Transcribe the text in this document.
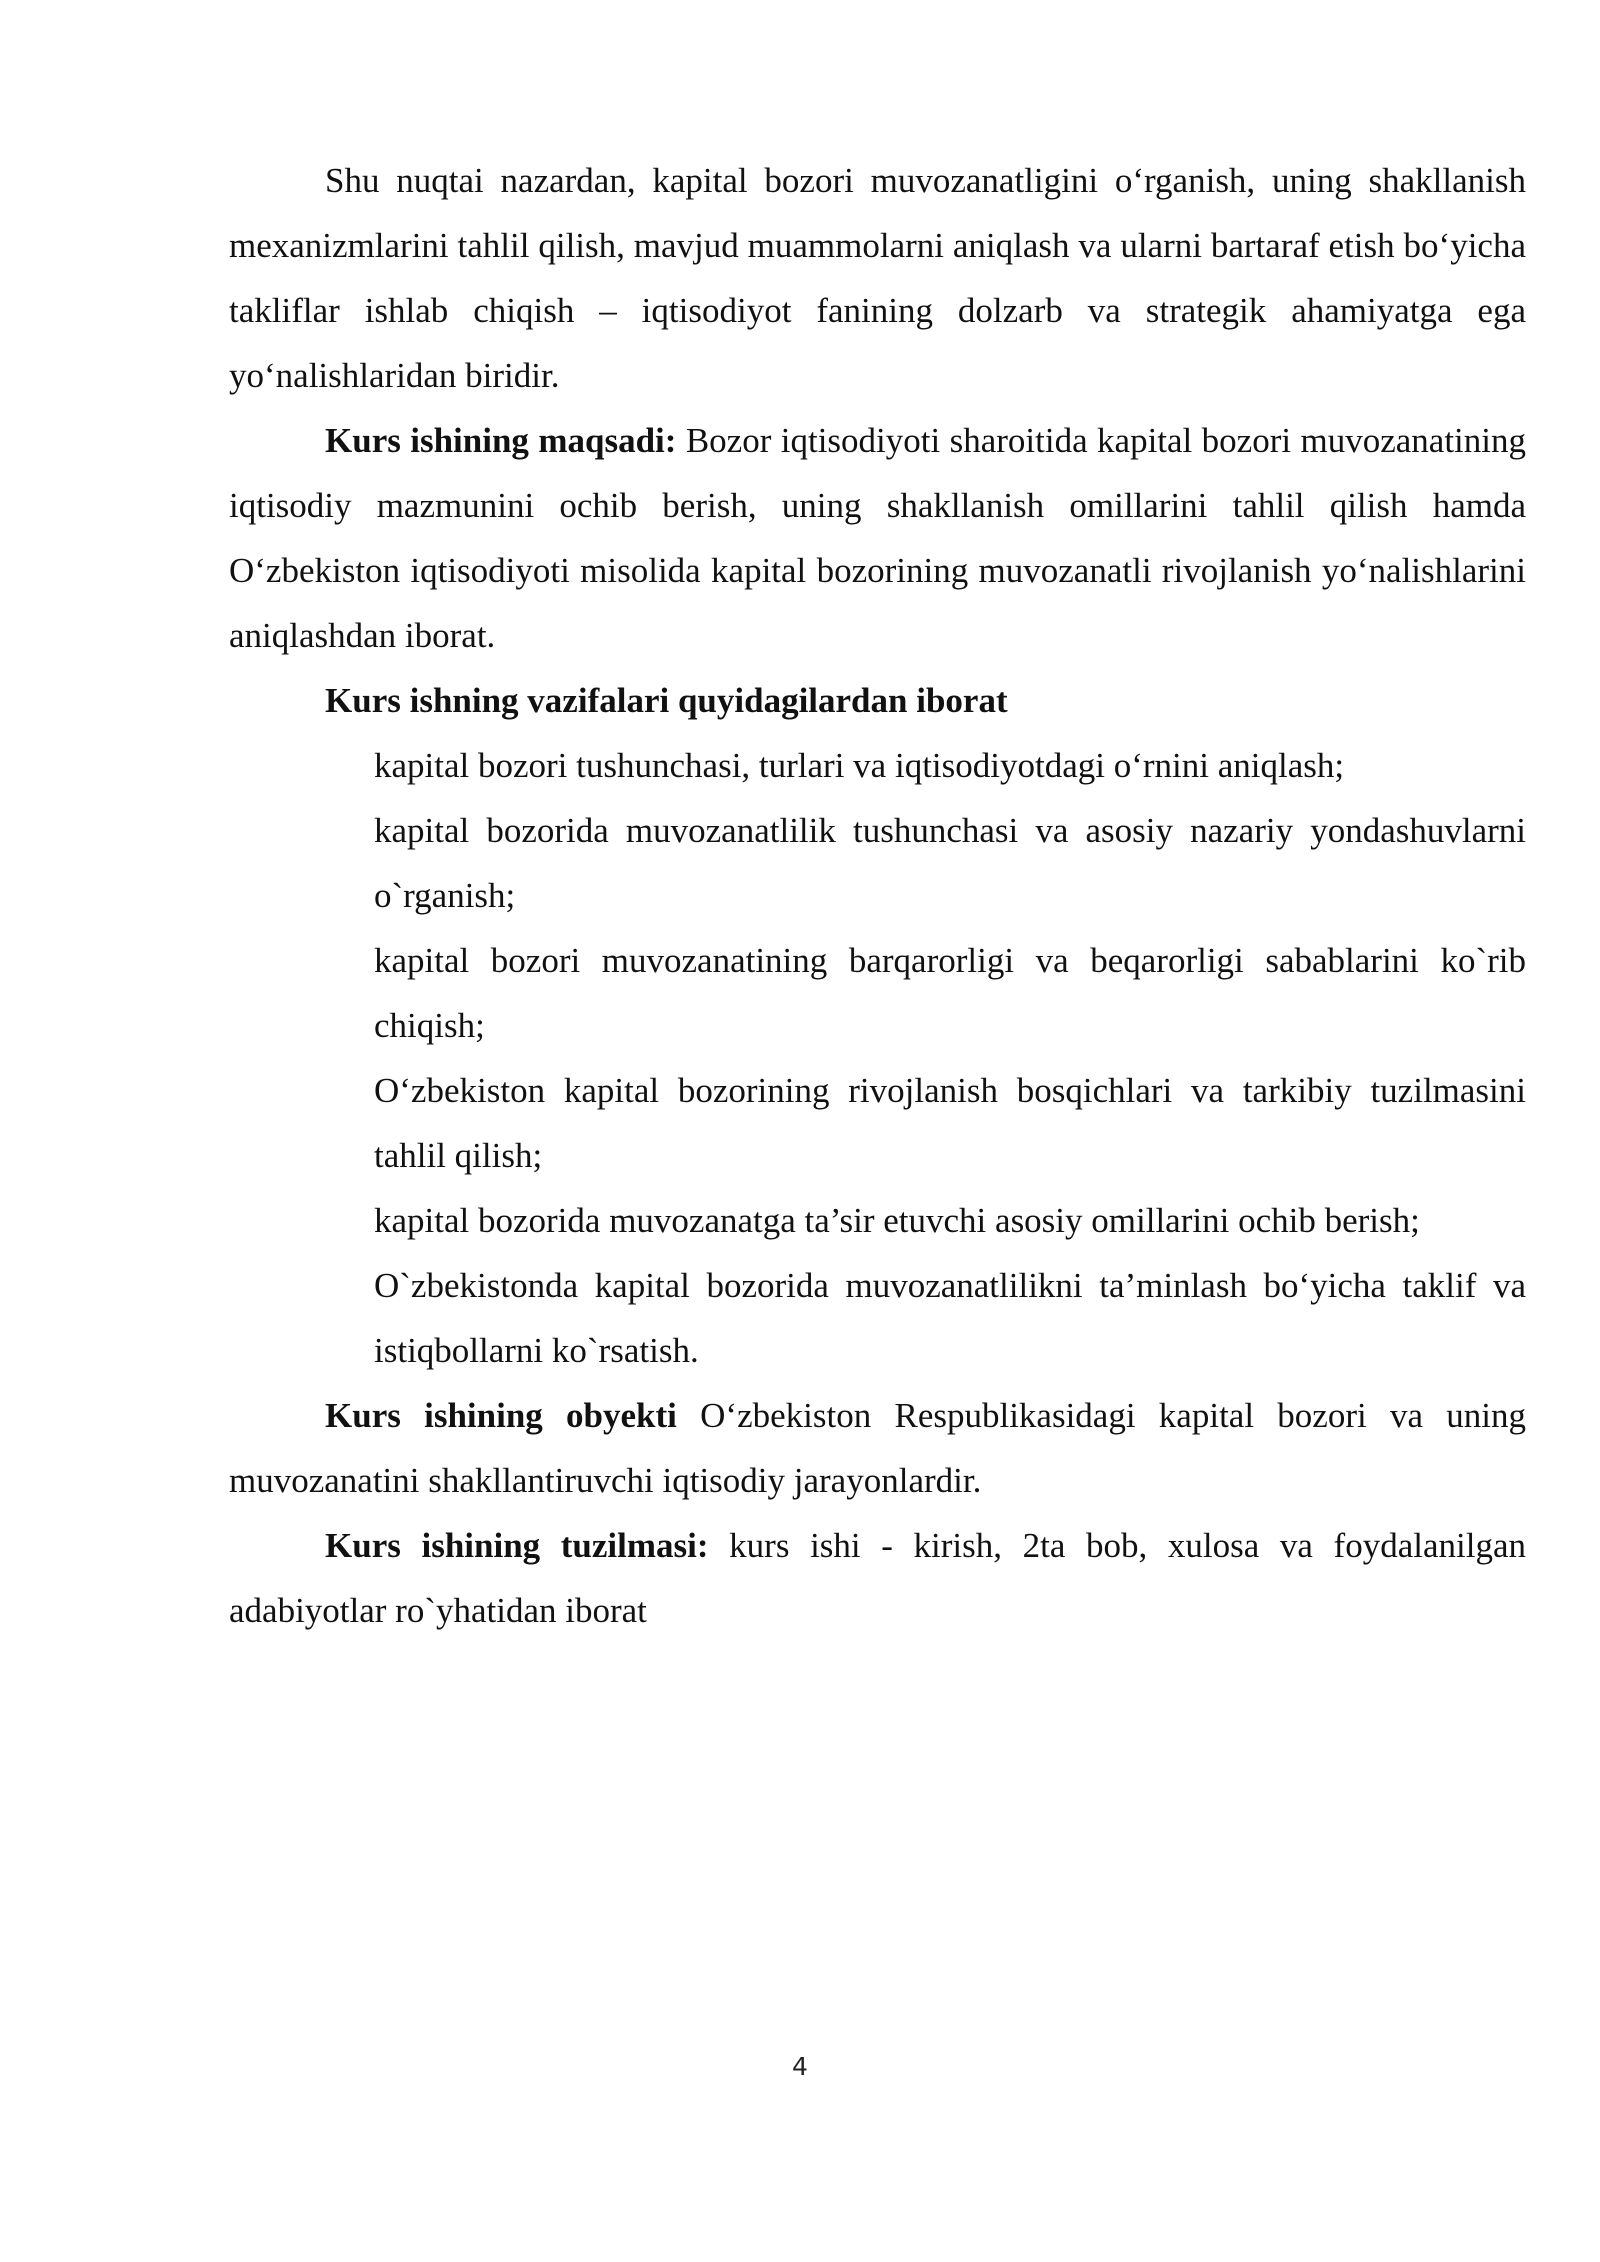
Shu nuqtai nazardan, kapital bozori muvozanatligini o‘rganish, uning shakllanish mexanizmlarini tahlil qilish, mavjud muammolarni aniqlash va ularni bartaraf etish bo‘yicha takliflar ishlab chiqish – iqtisodiyot fanining dolzarb va strategik ahamiyatga ega yo‘nalishlaridan biridir.

Kurs ishining maqsadi: Bozor iqtisodiyoti sharoitida kapital bozori muvozanatining iqtisodiy mazmunini ochib berish, uning shakllanish omillarini tahlil qilish hamda O‘zbekiston iqtisodiyoti misolida kapital bozorining muvozanatli rivojlanish yo‘nalishlarini aniqlashdan iborat.

Kurs ishning vazifalari quyidagilardan iborat

kapital bozori tushunchasi, turlari va iqtisodiyotdagi o‘rnini aniqlash;
kapital bozorida muvozanatlilik tushunchasi va asosiy nazariy yondashuvlarni o`rganish;
kapital bozori muvozanatining barqarorligi va beqarorligi sabablarini ko`rib chiqish;
O‘zbekiston kapital bozorining rivojlanish bosqichlari va tarkibiy tuzilmasini tahlil qilish;
kapital bozorida muvozanatga ta’sir etuvchi asosiy omillarini ochib berish;
O`zbekistonda kapital bozorida muvozanatlilikni ta’minlash bo‘yicha taklif va istiqbollarni ko`rsatish.

Kurs ishining obyekti O‘zbekiston Respublikasidagi kapital bozori va uning muvozanatini shakllantiruvchi iqtisodiy jarayonlardir.

Kurs ishining tuzilmasi: kurs ishi - kirish, 2ta bob, xulosa va foydalanilgan adabiyotlar ro`yhatidan iborat

4
